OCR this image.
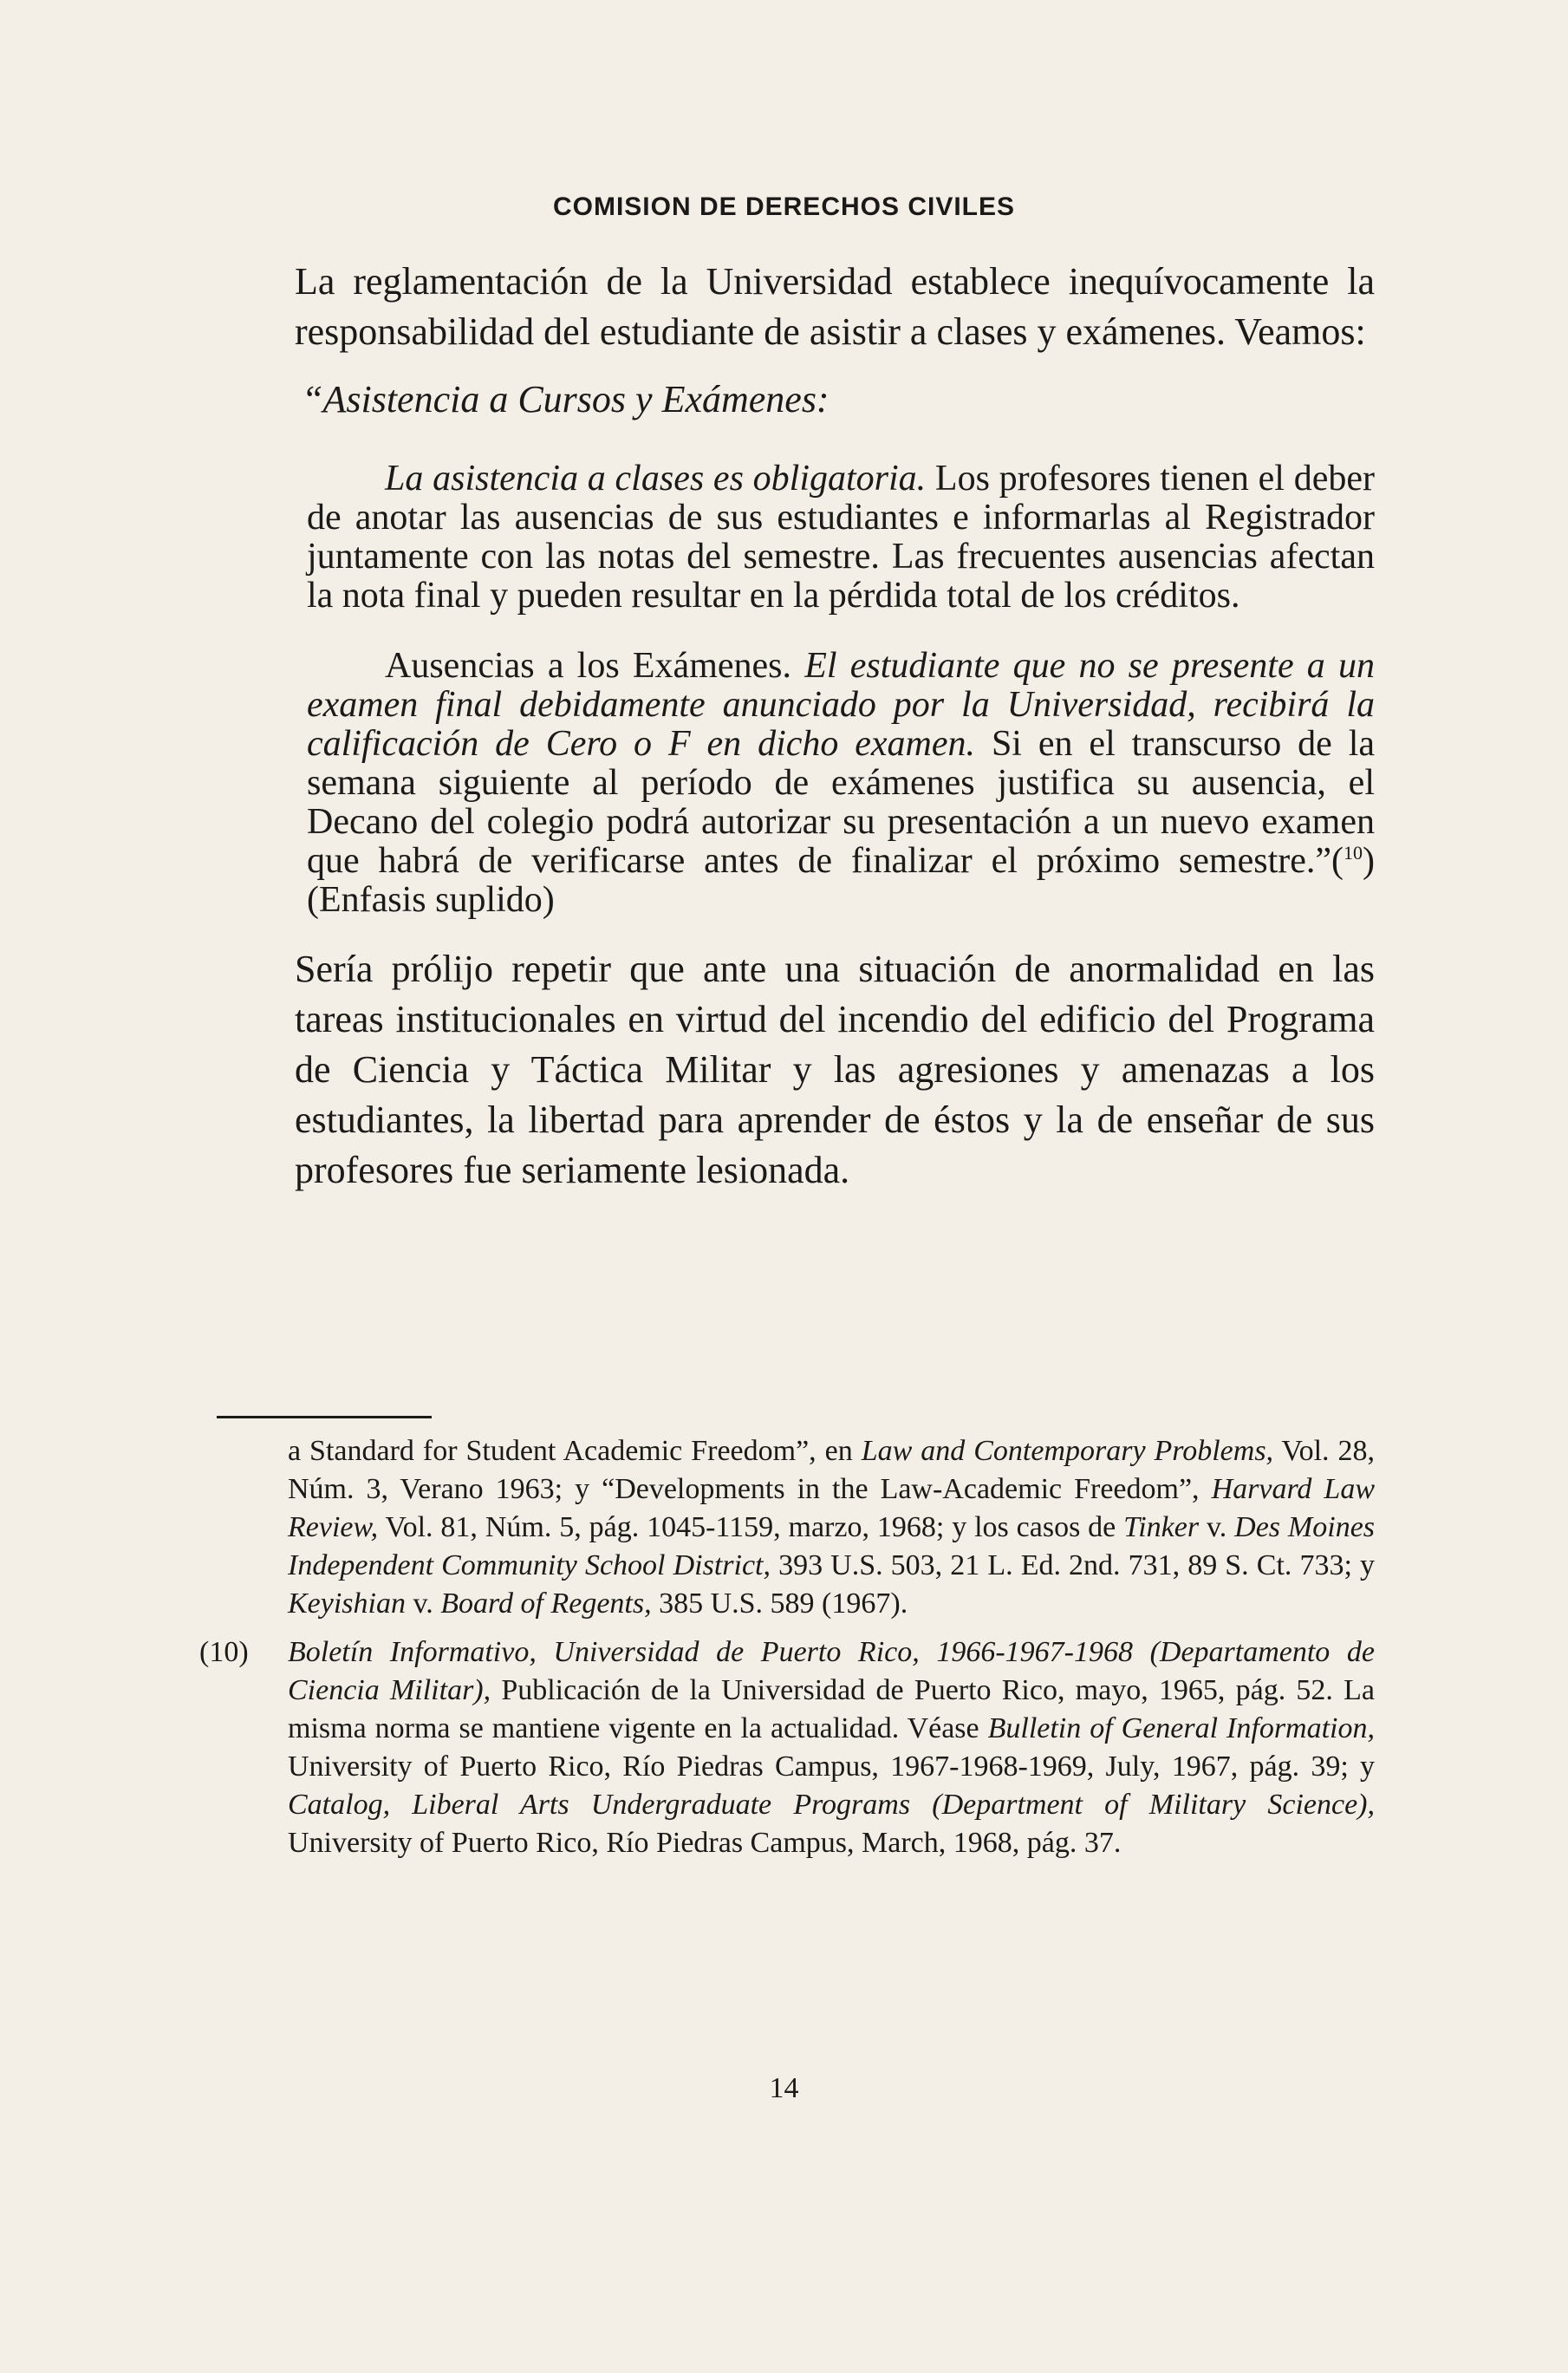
COMISION DE DERECHOS CIVILES

La reglamentación de la Universidad establece inequívocamente la responsabilidad del estudiante de asistir a clases y exámenes. Veamos:

“Asistencia a Cursos y Exámenes:

La asistencia a clases es obligatoria. Los profesores tienen el deber de anotar las ausencias de sus estudiantes e informarlas al Registrador juntamente con las notas del semestre. Las frecuentes ausencias afectan la nota final y pueden resultar en la pérdida total de los créditos.

Ausencias a los Exámenes. El estudiante que no se presente a un examen final debidamente anunciado por la Universidad, recibirá la calificación de Cero o F en dicho examen. Si en el transcurso de la semana siguiente al período de exámenes justifica su ausencia, el Decano del colegio podrá autorizar su presentación a un nuevo examen que habrá de verificarse antes de finalizar el próximo semestre.”($^{10}$) (Enfasis suplido)

Sería prólijo repetir que ante una situación de anormalidad en las tareas institucionales en virtud del incendio del edificio del Programa de Ciencia y Táctica Militar y las agresiones y amenazas a los estudiantes, la libertad para aprender de éstos y la de enseñar de sus profesores fue seriamente lesionada.

a Standard for Student Academic Freedom”, en Law and Contemporary Problems, Vol. 28, Núm. 3, Verano 1963; y “Developments in the Law-Academic Freedom”, Harvard Law Review, Vol. 81, Núm. 5, pág. 1045-1159, marzo, 1968; y los casos de Tinker v. Des Moines Independent Community School District, 393 U.S. 503, 21 L. Ed. 2nd. 731, 89 S. Ct. 733; y Keyishian v. Board of Regents, 385 U.S. 589 (1967).
(10)	Boletín Informativo, Universidad de Puerto Rico, 1966-1967-1968 (Departamento de Ciencia Militar), Publicación de la Universidad de Puerto Rico, mayo, 1965, pág. 52. La misma norma se mantiene vigente en la actualidad. Véase Bulletin of General Information, University of Puerto Rico, Río Piedras Campus, 1967-1968-1969, July, 1967, pág. 39; y Catalog, Liberal Arts Undergraduate Programs (Department of Military Science), University of Puerto Rico, Río Piedras Campus, March, 1968, pág. 37.
14
